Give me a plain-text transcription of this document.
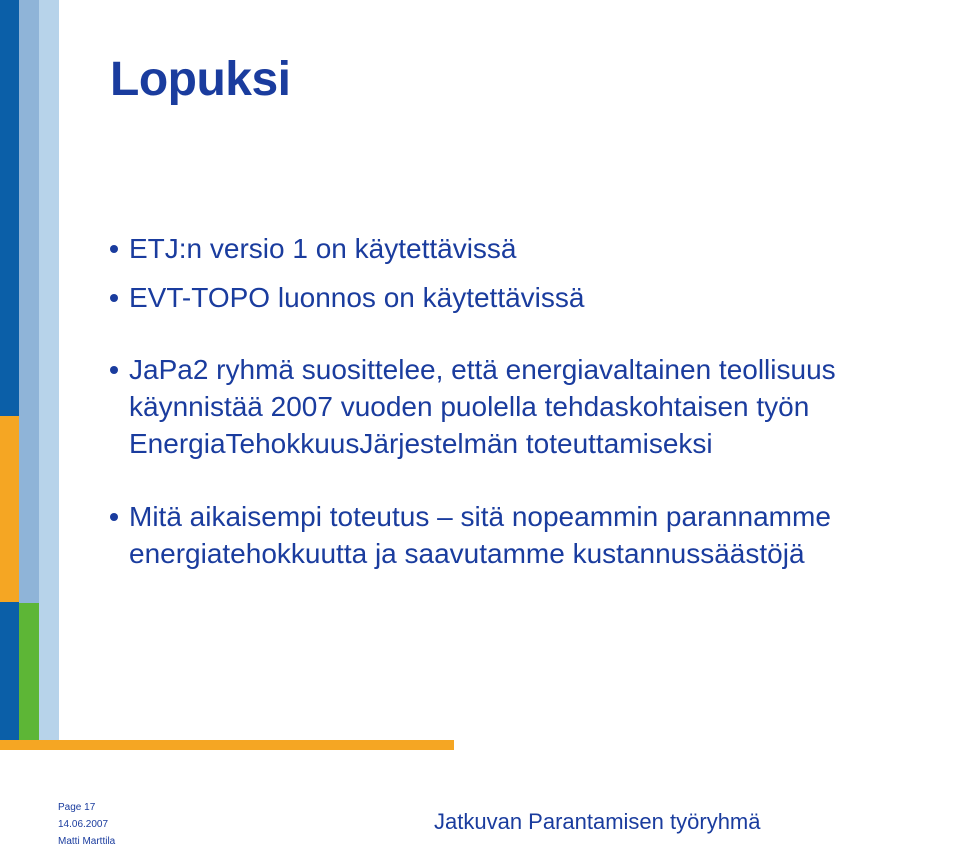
Lopuksi
ETJ:n versio 1 on käytettävissä
EVT-TOPO luonnos on käytettävissä
JaPa2 ryhmä suosittelee, että energiavaltainen teollisuus
käynnistää 2007 vuoden puolella tehdaskohtaisen työn
EnergiaTehokkuusJärjestelmän toteuttamiseksi
Mitä aikaisempi toteutus – sitä nopeammin parannamme
energiatehokkuutta ja saavutamme kustannussäästöjä
Page 17
14.06.2007
Matti Marttila
Jatkuvan Parantamisen työryhmä
